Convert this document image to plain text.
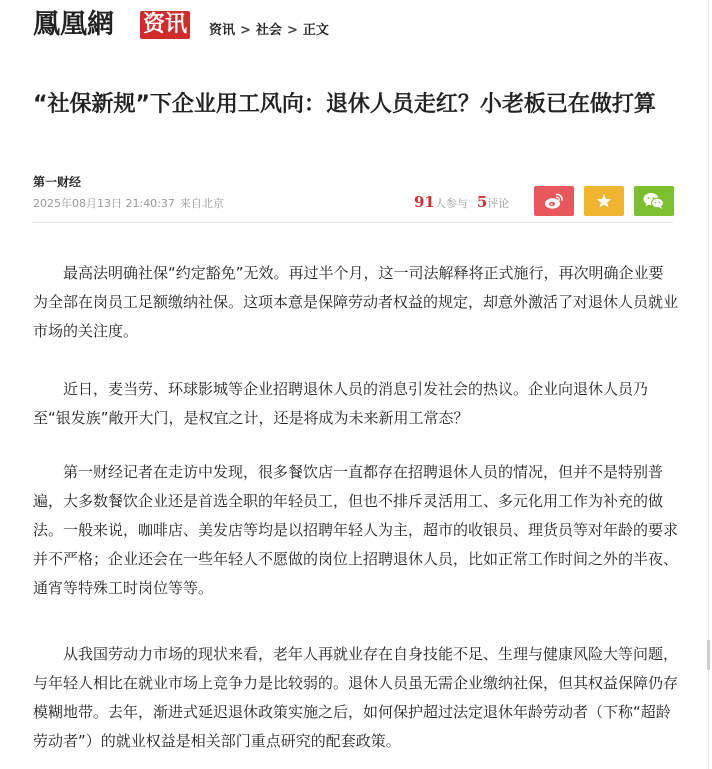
鳳凰網 资讯 资讯 > 社会 > 正文
“社保新规”下企业用工风向：退休人员走红？小老板已在做打算
第一财经
2025年08月13日 21:40:37 来自北京	91人参与 5评论

最高法明确社保“约定豁免”无效。再过半个月，这一司法解释将正式施行，再次明确企业要为全部在岗员工足额缴纳社保。这项本意是保障劳动者权益的规定，却意外激活了对退休人员就业市场的关注度。

近日，麦当劳、环球影城等企业招聘退休人员的消息引发社会的热议。企业向退休人员乃至“银发族”敞开大门，是权宜之计，还是将成为未来新用工常态？

第一财经记者在走访中发现，很多餐饮店一直都存在招聘退休人员的情况，但并不是特别普遍，大多数餐饮企业还是首选全职的年轻员工，但也不排斥灵活用工、多元化用工作为补充的做法。一般来说，咖啡店、美发店等均是以招聘年轻人为主，超市的收银员、理货员等对年龄的要求并不严格；企业还会在一些年轻人不愿做的岗位上招聘退休人员，比如正常工作时间之外的半夜、通宵等特殊工时岗位等等。

从我国劳动力市场的现状来看，老年人再就业存在自身技能不足、生理与健康风险大等问题，与年轻人相比在就业市场上竞争力是比较弱的。退休人员虽无需企业缴纳社保，但其权益保障仍存模糊地带。去年，渐进式延迟退休政策实施之后，如何保护超过法定退休年龄劳动者（下称“超龄劳动者”）的就业权益是相关部门重点研究的配套政策。
